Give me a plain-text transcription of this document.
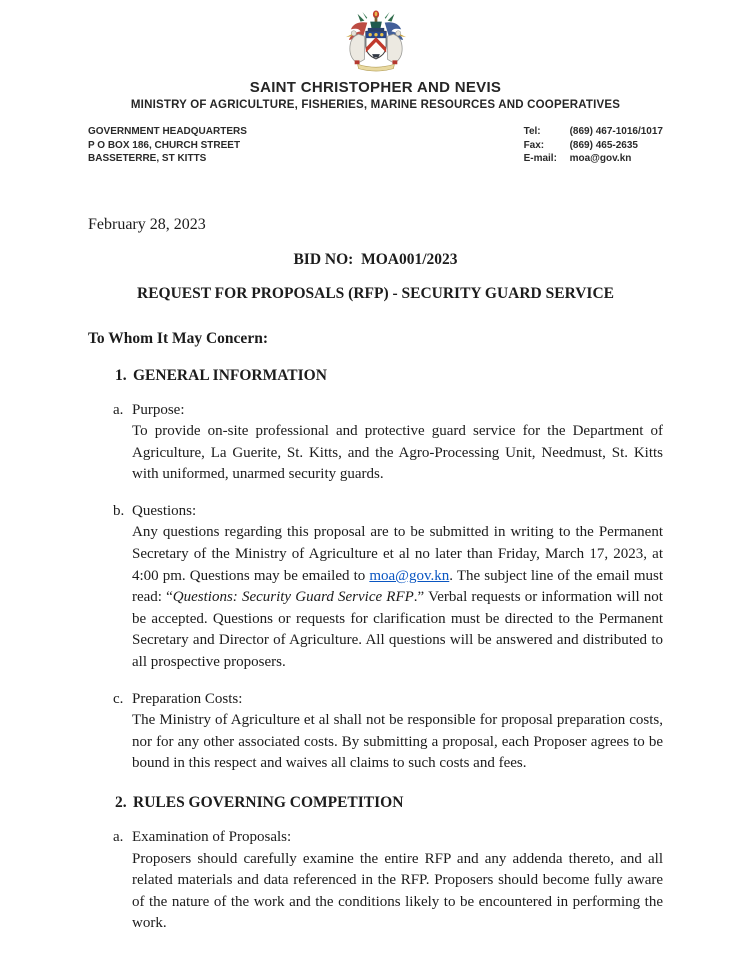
SAINT CHRISTOPHER AND NEVIS
MINISTRY OF AGRICULTURE, FISHERIES, MARINE RESOURCES AND COOPERATIVES
GOVERNMENT HEADQUARTERS
P O BOX 186, CHURCH STREET
BASSETERRE, ST KITTS
Tel:	(869) 467-1016/1017
Fax:	(869) 465-2635
E-mail:	moa@gov.kn
February 28, 2023
BID NO: MOA001/2023
REQUEST FOR PROPOSALS (RFP) - SECURITY GUARD SERVICE
To Whom It May Concern:
1. GENERAL INFORMATION
a. Purpose:
To provide on-site professional and protective guard service for the Department of Agriculture, La Guerite, St. Kitts, and the Agro-Processing Unit, Needmust, St. Kitts with uniformed, unarmed security guards.
b. Questions:
Any questions regarding this proposal are to be submitted in writing to the Permanent Secretary of the Ministry of Agriculture et al no later than Friday, March 17, 2023, at 4:00 pm. Questions may be emailed to moa@gov.kn. The subject line of the email must read: “Questions: Security Guard Service RFP.” Verbal requests or information will not be accepted. Questions or requests for clarification must be directed to the Permanent Secretary and Director of Agriculture. All questions will be answered and distributed to all prospective proposers.
c. Preparation Costs:
The Ministry of Agriculture et al shall not be responsible for proposal preparation costs, nor for any other associated costs. By submitting a proposal, each Proposer agrees to be bound in this respect and waives all claims to such costs and fees.
2. RULES GOVERNING COMPETITION
a. Examination of Proposals:
Proposers should carefully examine the entire RFP and any addenda thereto, and all related materials and data referenced in the RFP. Proposers should become fully aware of the nature of the work and the conditions likely to be encountered in performing the work.
